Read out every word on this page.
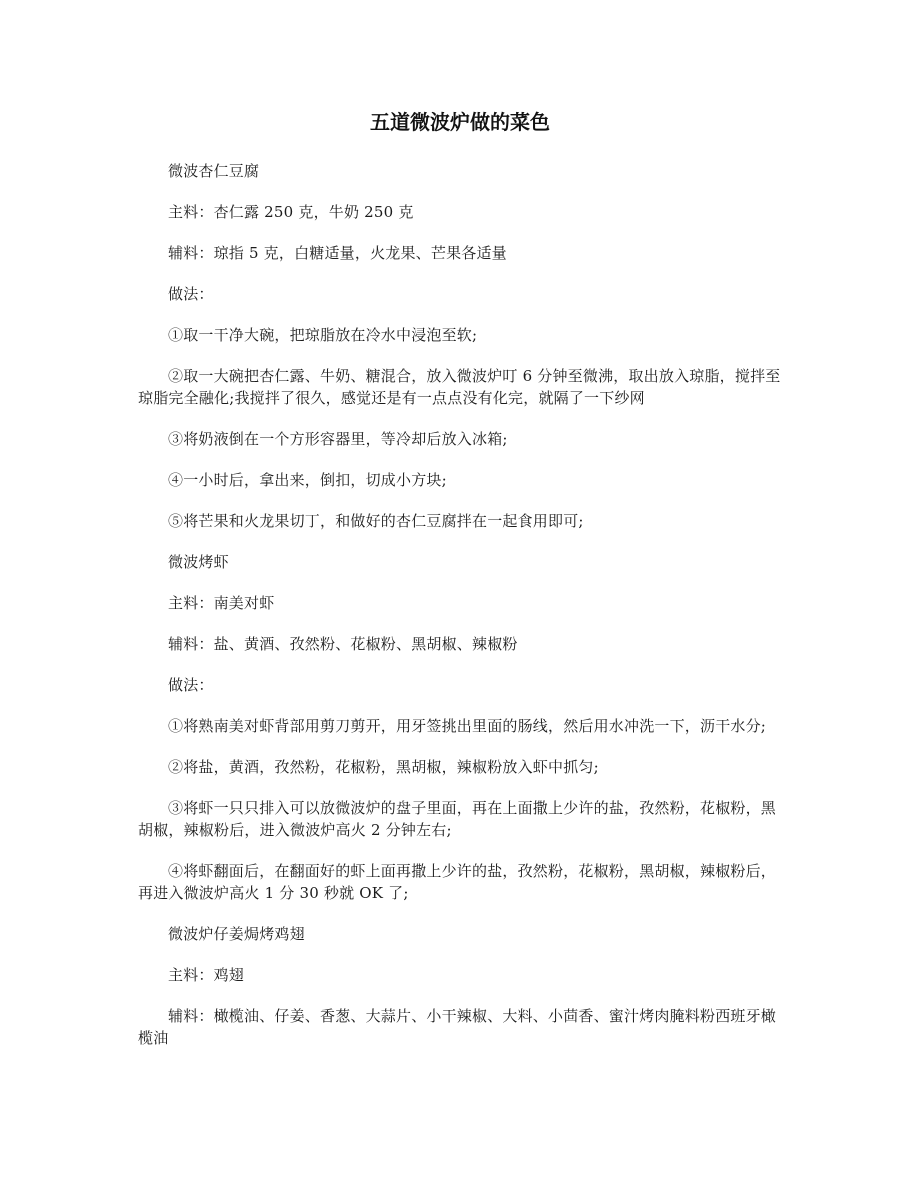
五道微波炉做的菜色

微波杏仁豆腐

主料：杏仁露 250 克，牛奶 250 克

辅料：琼指 5 克，白糖适量，火龙果、芒果各适量

做法：

①取一干净大碗，把琼脂放在冷水中浸泡至软;

②取一大碗把杏仁露、牛奶、糖混合，放入微波炉叮 6 分钟至微沸，取出放入琼脂，搅拌至琼脂完全融化;我搅拌了很久，感觉还是有一点点没有化完，就隔了一下纱网

③将奶液倒在一个方形容器里，等冷却后放入冰箱;

④一小时后，拿出来，倒扣，切成小方块;

⑤将芒果和火龙果切丁，和做好的杏仁豆腐拌在一起食用即可;

微波烤虾

主料：南美对虾

辅料：盐、黄酒、孜然粉、花椒粉、黑胡椒、辣椒粉

做法：

①将熟南美对虾背部用剪刀剪开，用牙签挑出里面的肠线，然后用水冲洗一下，沥干水分;

②将盐，黄酒，孜然粉，花椒粉，黑胡椒，辣椒粉放入虾中抓匀;

③将虾一只只排入可以放微波炉的盘子里面，再在上面撒上少许的盐，孜然粉，花椒粉，黑胡椒，辣椒粉后，进入微波炉高火 2 分钟左右;

④将虾翻面后，在翻面好的虾上面再撒上少许的盐，孜然粉，花椒粉，黑胡椒，辣椒粉后，再进入微波炉高火 1 分 30 秒就 OK 了;

微波炉仔姜焗烤鸡翅

主料：鸡翅

辅料：橄榄油、仔姜、香葱、大蒜片、小干辣椒、大料、小茴香、蜜汁烤肉腌料粉西班牙橄榄油
